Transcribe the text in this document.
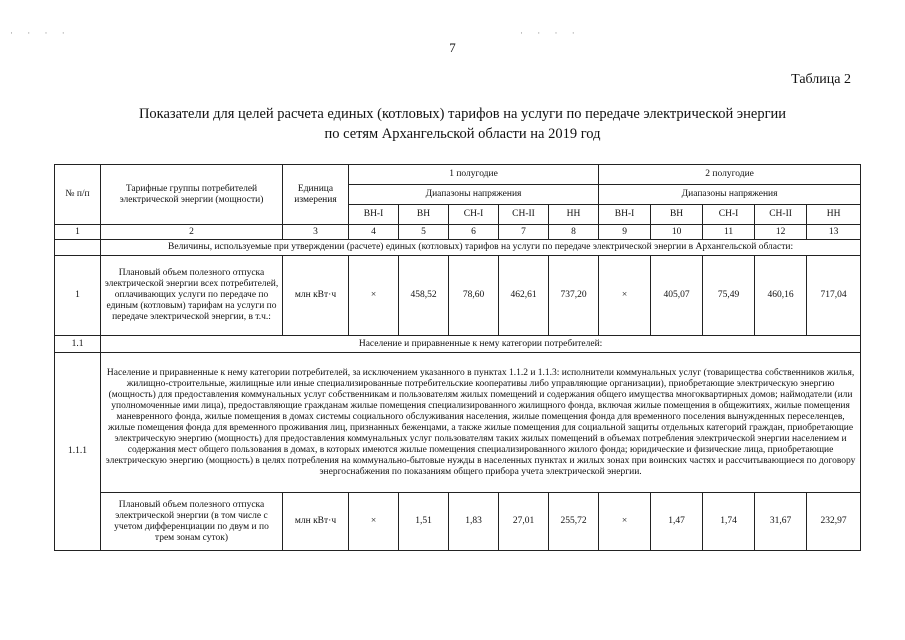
· · · ·	· · · ·
7
Таблица 2
Показатели для целей расчета единых (котловых) тарифов на услуги по передаче электрической энергии
по сетям Архангельской области на 2019 год
№ п/п	Тарифные группы потребителей электрической энергии (мощности)	Единица измерения	1 полугодие					2 полугодие				
			Диапазоны напряжения					Диапазоны напряжения				
			ВН-I	ВН	СН-I	СН-II	НН	ВН-I	ВН	СН-I	СН-II	НН
1	2	3	4	5	6	7	8	9	10	11	12	13
	Величины, используемые при утверждении (расчете) единых (котловых) тарифов на услуги по передаче электрической энергии в Архангельской области:											
1	Плановый объем полезного отпуска электрической энергии всех потребителей, оплачивающих услуги по передаче по единым (котловым) тарифам на услуги по передаче электрической энергии, в т.ч.:	млн кВт·ч	×	458,52	78,60	462,61	737,20	×	405,07	75,49	460,16	717,04
1.1	Население и приравненные к нему категории потребителей:											
1.1.1	Население и приравненные к нему категории потребителей, за исключением указанного в пунктах 1.1.2 и 1.1.3: исполнители коммунальных услуг (товарищества собственников жилья, жилищно-строительные, жилищные или иные специализированные потребительские кооперативы либо управляющие организации), приобретающие электрическую энергию (мощность) для предоставления коммунальных услуг собственникам и пользователям жилых помещений и содержания общего имущества многоквартирных домов; наймодатели (или уполномоченные ими лица), предоставляющие гражданам жилые помещения специализированного жилищного фонда, включая жилые помещения в общежитиях, жилые помещения маневренного фонда, жилые помещения в домах системы социального обслуживания населения, жилые помещения фонда для временного поселения вынужденных переселенцев, жилые помещения фонда для временного проживания лиц, признанных беженцами, а также жилые помещения для социальной защиты отдельных категорий граждан, приобретающие электрическую энергию (мощность) для предоставления коммунальных услуг пользователям таких жилых помещений в объемах потребления электрической энергии населением и содержания мест общего пользования в домах, в которых имеются жилые помещения специализированного жилого фонда; юридические и физические лица, приобретающие электрическую энергию (мощность) в целях потребления на коммунально-бытовые нужды в населенных пунктах и жилых зонах при воинских частях и рассчитывающиеся по договору энергоснабжения по показаниям общего прибора учета электрической энергии.											
	Плановый объем полезного отпуска электрической энергии (в том числе с учетом дифференциации по двум и по трем зонам суток)	млн кВт·ч	×	1,51	1,83	27,01	255,72	×	1,47	1,74	31,67	232,97
